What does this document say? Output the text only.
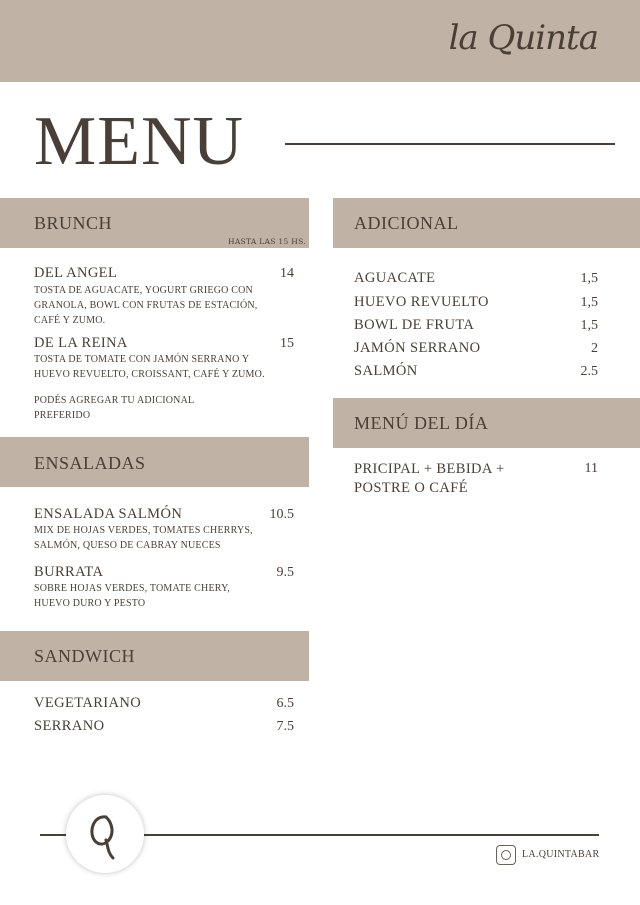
la Quinta
MENU
BRUNCH
HASTA LAS 15 HS.
DEL ANGEL	14
TOSTA DE AGUACATE, YOGURT GRIEGO CON
GRANOLA, BOWL CON FRUTAS DE ESTACIÓN,
CAFÉ Y ZUMO.
DE LA REINA	15
TOSTA DE TOMATE CON JAMÓN SERRANO Y
HUEVO REVUELTO, CROISSANT, CAFÉ Y ZUMO.
PODÉS AGREGAR TU ADICIONAL
PREFERIDO
ENSALADAS
ENSALADA SALMÓN	10.5
MIX DE HOJAS VERDES, TOMATES CHERRYS,
SALMÓN, QUESO DE CABRAY NUECES
BURRATA	9.5
SOBRE HOJAS VERDES, TOMATE CHERY,
HUEVO DURO Y PESTO
SANDWICH
VEGETARIANO	6.5
SERRANO	7.5
ADICIONAL
AGUACATE	1,5
HUEVO REVUELTO	1,5
BOWL DE FRUTA	1,5
JAMÓN SERRANO	2
SALMÓN	2.5
MENÚ DEL DÍA
PRICIPAL + BEBIDA +
POSTRE O CAFÉ
11
LA.QUINTABAR
